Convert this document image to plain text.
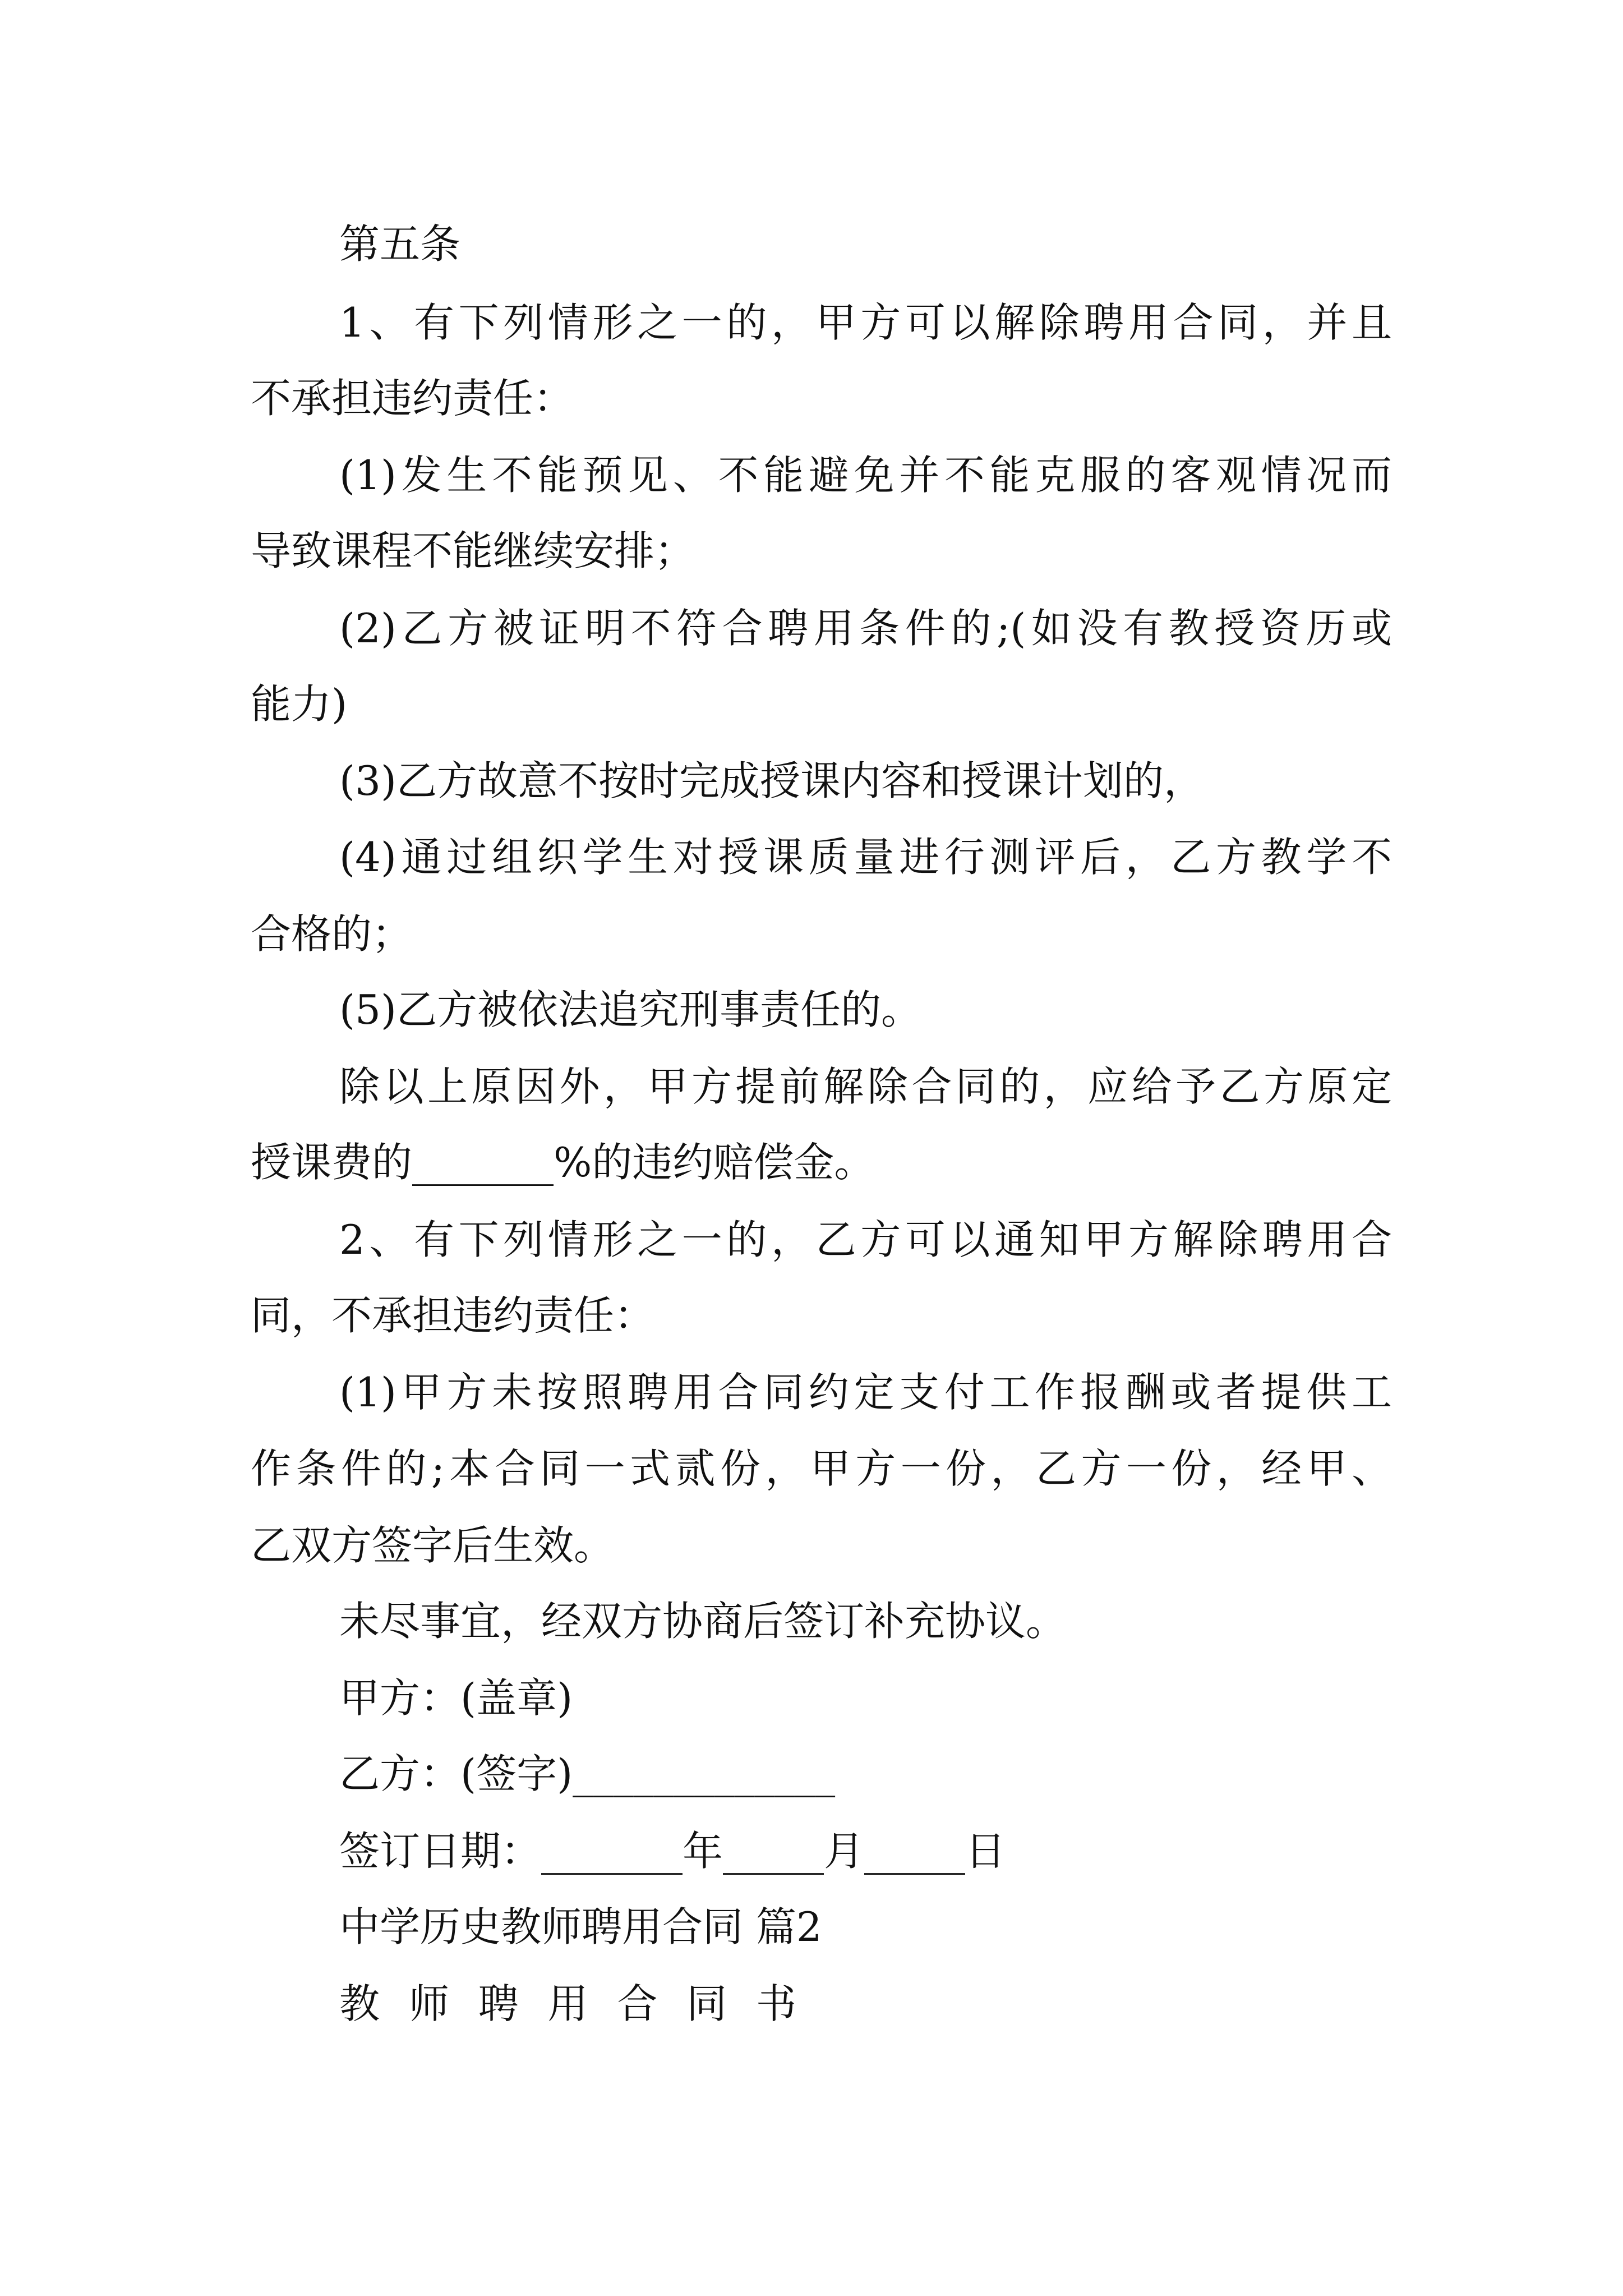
第五条
1、有下列情形之一的，甲方可以解除聘用合同，并且
不承担违约责任：
(1)发生不能预见、不能避免并不能克服的客观情况而
导致课程不能继续安排；
(2)乙方被证明不符合聘用条件的;(如没有教授资历或
能力)
(3)乙方故意不按时完成授课内容和授课计划的，
(4)通过组织学生对授课质量进行测评后，乙方教学不
合格的；
(5)乙方被依法追究刑事责任的。
除以上原因外，甲方提前解除合同的，应给予乙方原定
授课费的_______%的违约赔偿金。
2、有下列情形之一的，乙方可以通知甲方解除聘用合
同，不承担违约责任：
(1)甲方未按照聘用合同约定支付工作报酬或者提供工
作条件的;本合同一式贰份，甲方一份，乙方一份，经甲、
乙双方签字后生效。
未尽事宜，经双方协商后签订补充协议。
甲方：(盖章)
乙方：(签字)_____________
签订日期：_______年_____月_____日
中学历史教师聘用合同 篇2
教师聘用合同书
